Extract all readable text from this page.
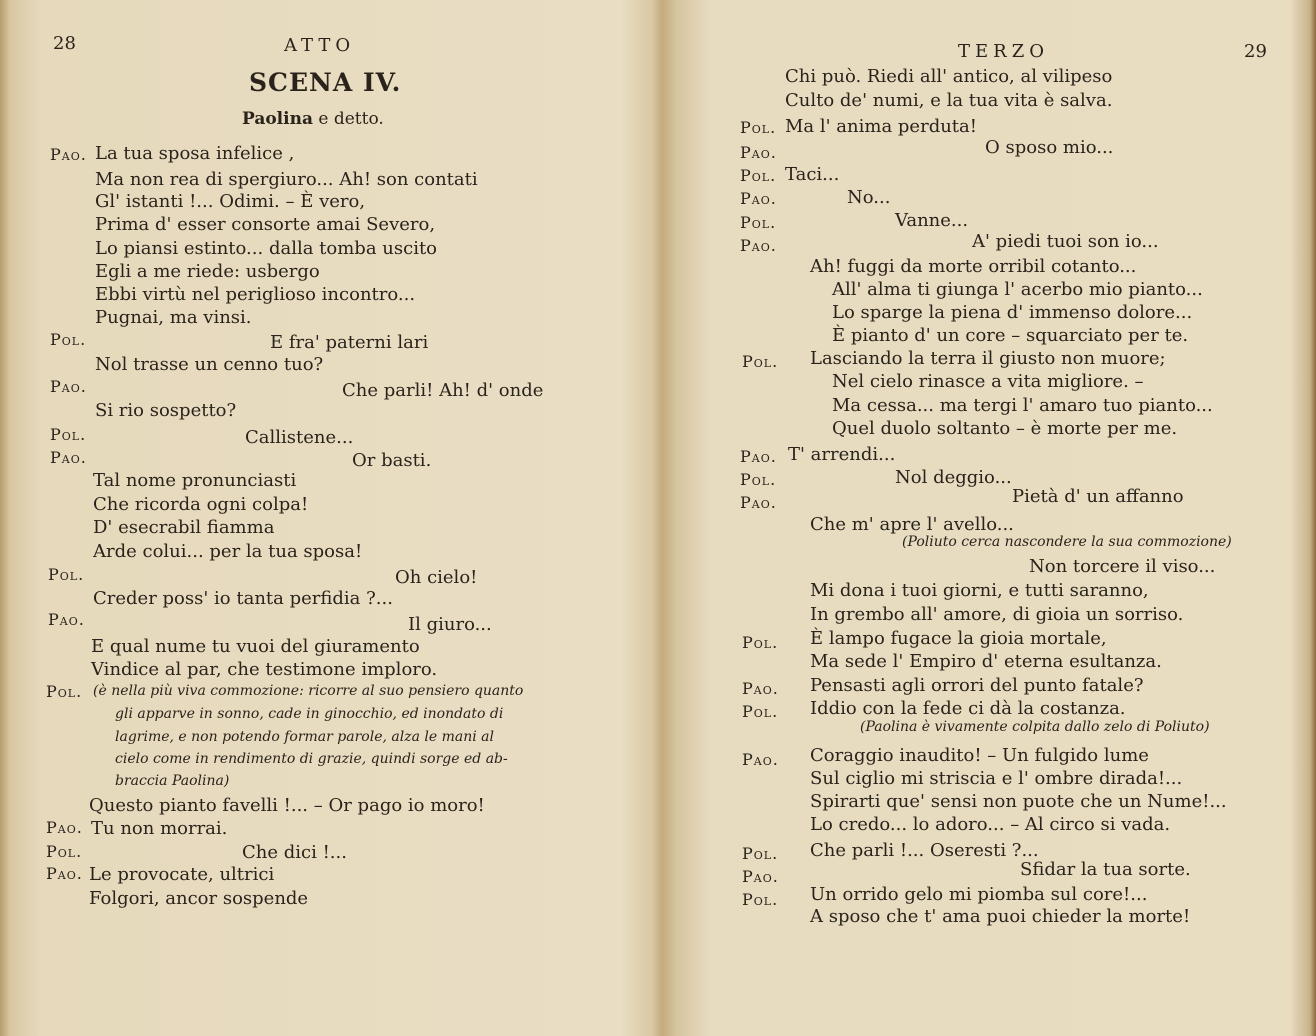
28	ATTO
SCENA IV.
Paolina e detto.
Pao. La tua sposa infelice ,
Ma non rea di spergiuro... Ah! son contati
Gl' istanti !... Odimi. – È vero,
Prima d' esser consorte amai Severo,
Lo piansi estinto... dalla tomba uscito
Egli a me riede: usbergo
Ebbi virtù nel periglioso incontro...
Pugnai, ma vinsi.
Pol.	E fra' paterni lari
Nol trasse un cenno tuo?
Pao.	Che parli! Ah! d' onde
Si rio sospetto?
Pol.	Callistene...
Pao.	Or basti.
Tal nome pronunciasti
Che ricorda ogni colpa!
D' esecrabil fiamma
Arde colui... per la tua sposa!
Pol.	Oh cielo!
Creder poss' io tanta perfidia ?...
Pao.	Il giuro...
E qual nume tu vuoi del giuramento
Vindice al par, che testimone imploro.
Pol. (è nella più viva commozione: ricorre al suo pensiero quanto
gli apparve in sonno, cade in ginocchio, ed inondato di
lagrime, e non potendo formar parole, alza le mani al
cielo come in rendimento di grazie, quindi sorge ed ab-
braccia Paolina)
Questo pianto favelli !... – Or pago io moro!
Pao. Tu non morrai.
Pol.	Che dici !...
Pao. Le provocate, ultrici
Folgori, ancor sospende
TERZO	29
Chi può. Riedi all' antico, al vilipeso
Culto de' numi, e la tua vita è salva.
Pol. Ma l' anima perduta!
Pao.	O sposo mio...
Pol. Taci...
Pao.	No...
Pol.	Vanne...
Pao.	A' piedi tuoi son io...
Ah! fuggi da morte orribil cotanto...
All' alma ti giunga l' acerbo mio pianto...
Lo sparge la piena d' immenso dolore...
È pianto d' un core – squarciato per te.
Pol. Lasciando la terra il giusto non muore;
Nel cielo rinasce a vita migliore. –
Ma cessa... ma tergi l' amaro tuo pianto...
Quel duolo soltanto – è morte per me.
Pao. T' arrendi...
Pol.	Nol deggio...
Pao.	Pietà d' un affanno
Che m' apre l' avello...
(Poliuto cerca nascondere la sua commozione)
Non torcere il viso...
Mi dona i tuoi giorni, e tutti saranno,
In grembo all' amore, di gioia un sorriso.
Pol. È lampo fugace la gioia mortale,
Ma sede l' Empiro d' eterna esultanza.
Pao. Pensasti agli orrori del punto fatale?
Pol. Iddio con la fede ci dà la costanza.
(Paolina è vivamente colpita dallo zelo di Poliuto)
Pao. Coraggio inaudito! – Un fulgido lume
Sul ciglio mi striscia e l' ombre dirada!...
Spirarti que' sensi non puote che un Nume!...
Lo credo... lo adoro... – Al circo si vada.
Pol. Che parli !... Oseresti ?...
Pao.	Sfidar la tua sorte.
Pol. Un orrido gelo mi piomba sul core!...
A sposo che t' ama puoi chieder la morte!
